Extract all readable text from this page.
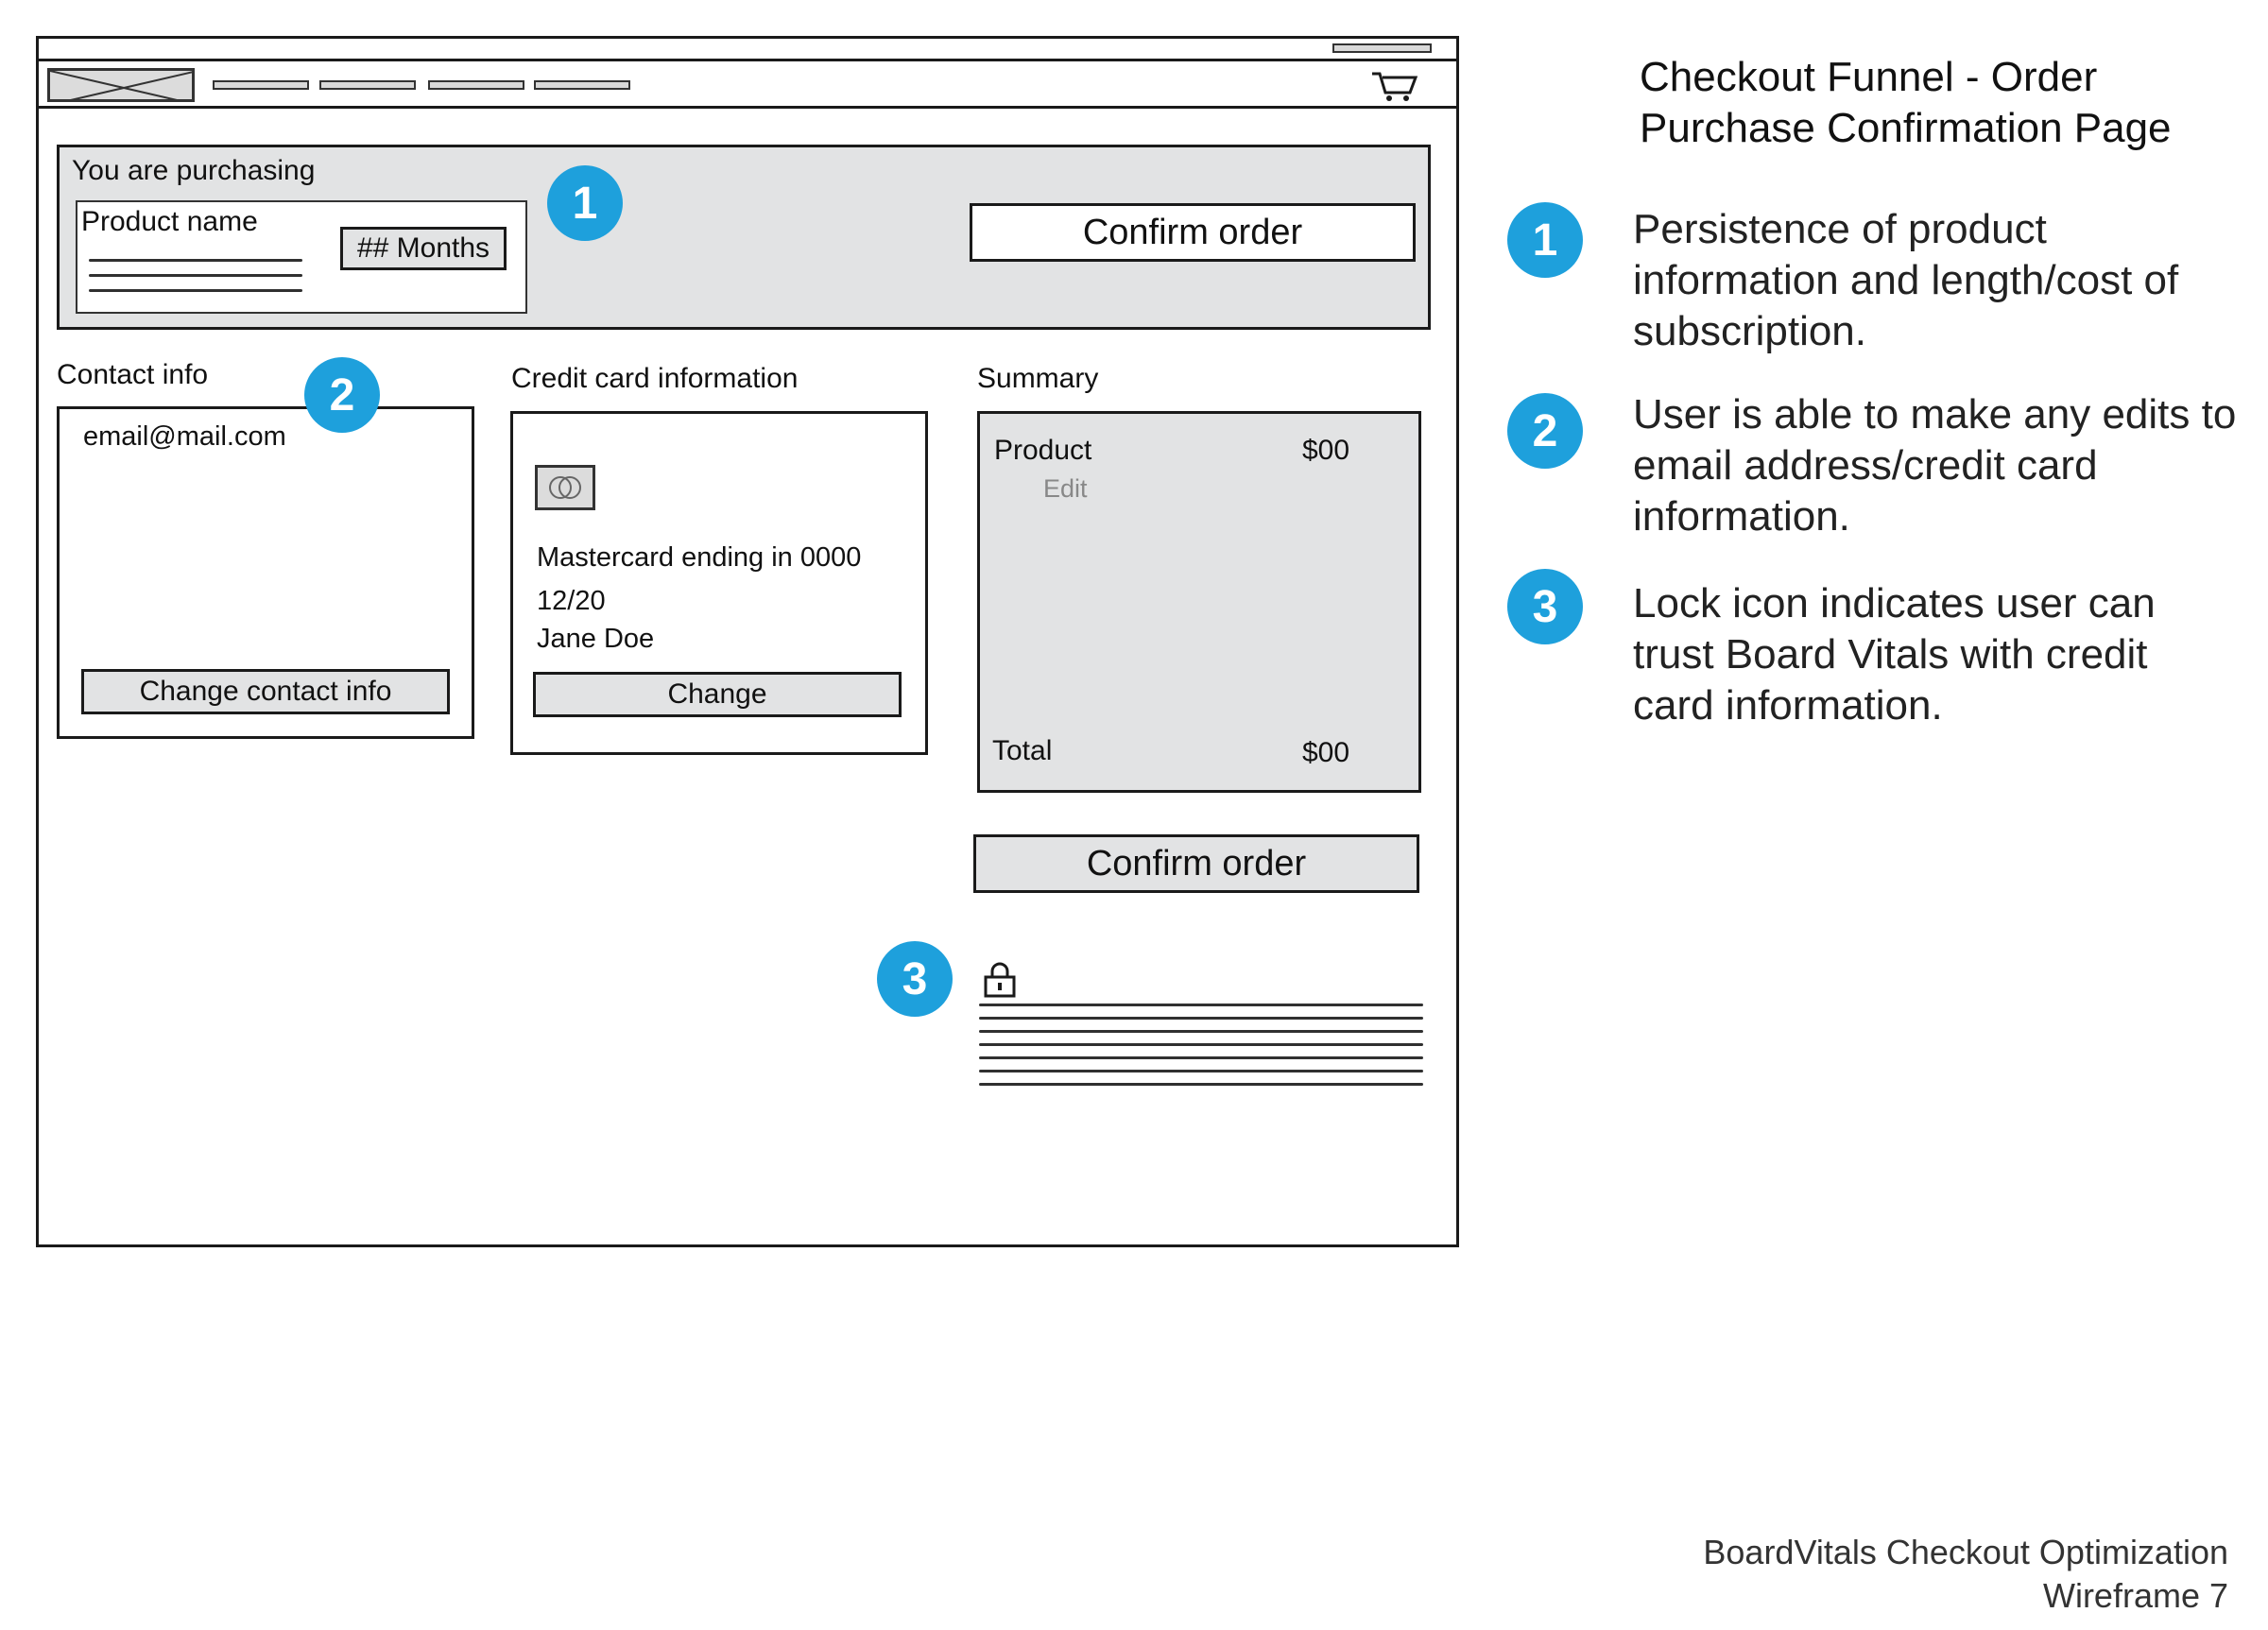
You are purchasing
Product name
## Months	Confirm order
Contact info
email@mail.com
Change contact info
Credit card information
Mastercard ending in 0000
12/20
Jane Doe
Change
Summary
Product	$00
Edit
Total	$00
Confirm order
1
2
3
Checkout Funnel - Order
Purchase Confirmation Page
1	Persistence of product
information and length/cost of
subscription.
2	User is able to make any edits to
email address/credit card
information.
3	Lock icon indicates user can
trust Board Vitals with credit
card information.
BoardVitals Checkout Optimization
Wireframe 7
